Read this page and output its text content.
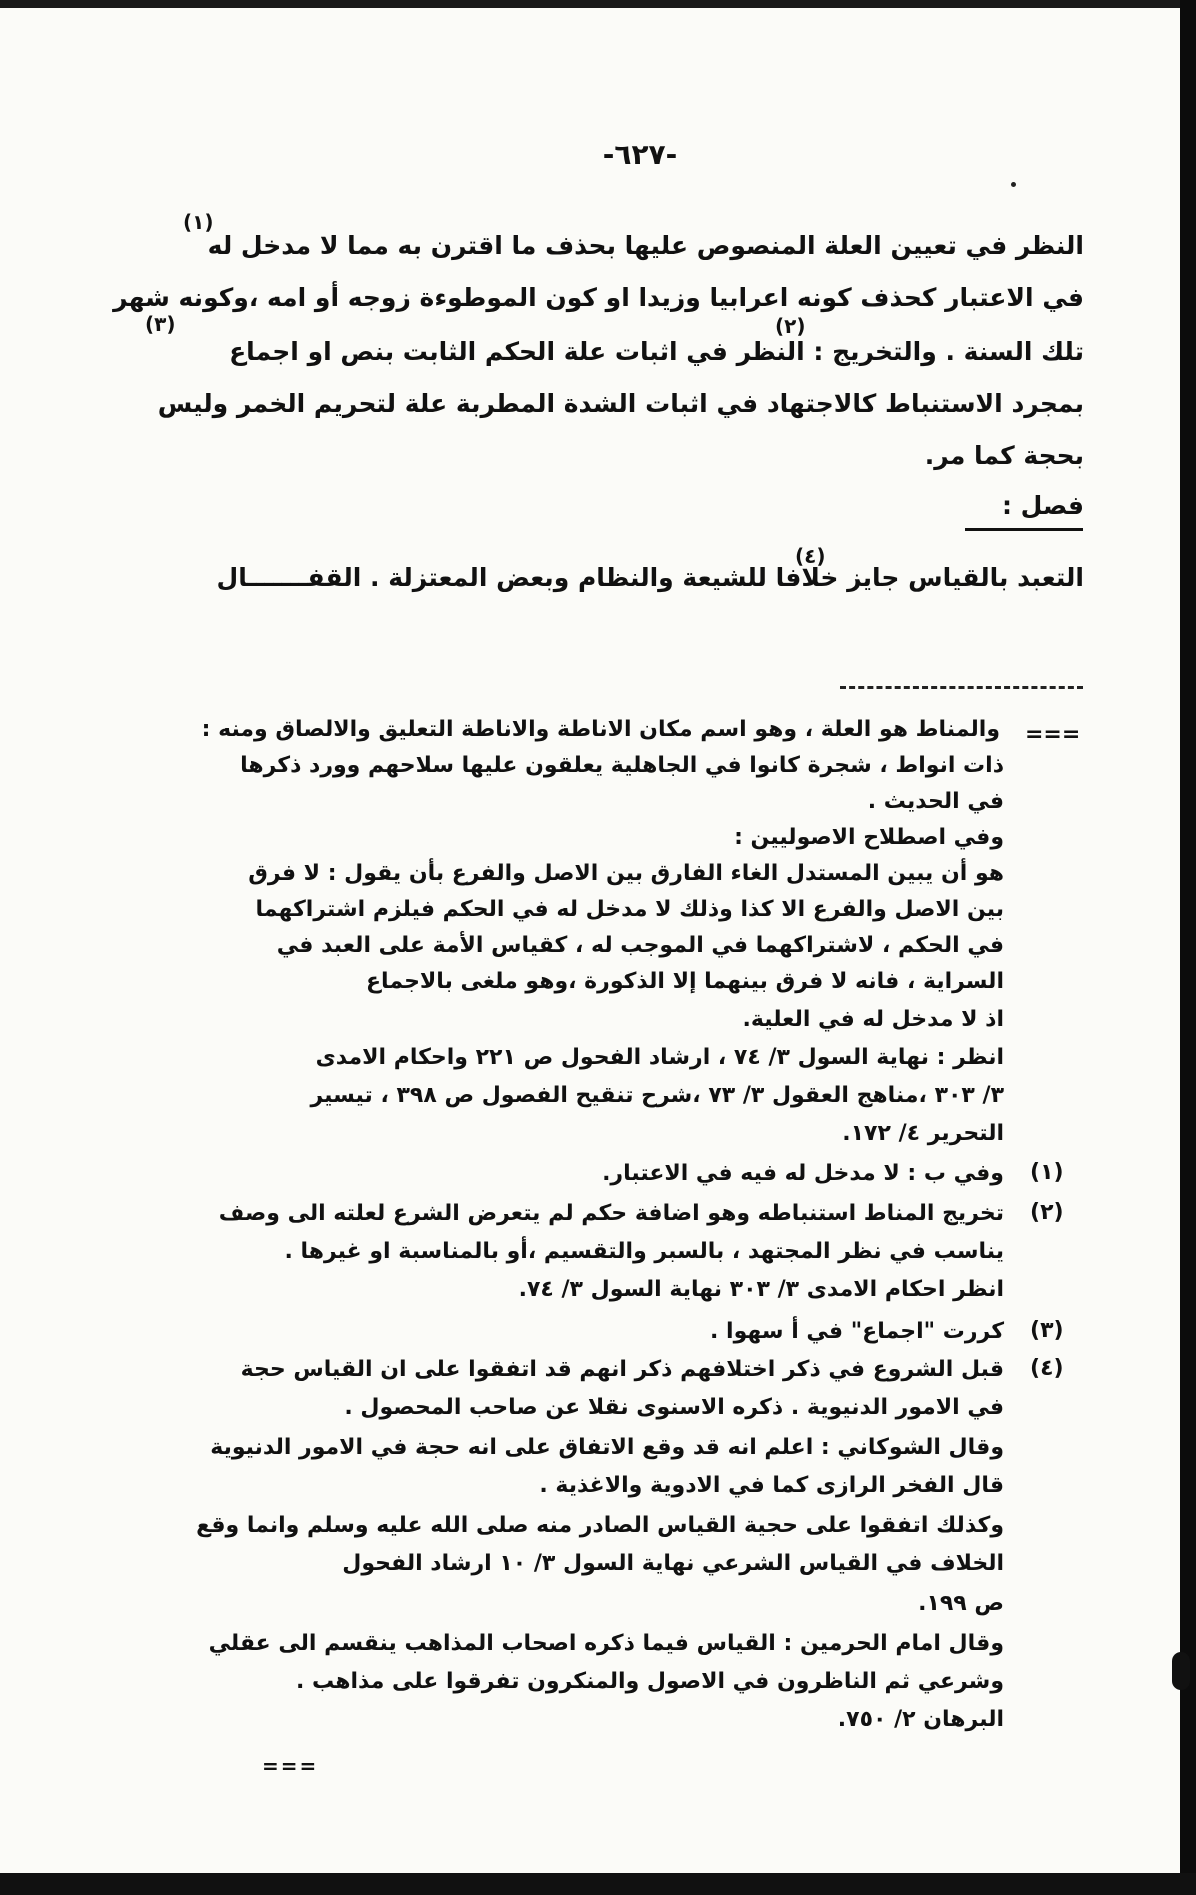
-٦٢٧-
النظر في تعيين العلة المنصوص عليها بحذف ما اقترن به مما لا مدخل له
(١)
في الاعتبار كحذف كونه اعرابيا وزيدا او كون الموطوءة زوجه أو امه ،وكونه شهر
تلك السنة . والتخريج : النظر في اثبات علة الحكم الثابت بنص او اجماع
(٢)
(٣)
بمجرد الاستنباط كالاجتهاد في اثبات الشدة المطربة علة لتحريم الخمر وليس
بحجة كما مر.
فصل :
التعبد بالقياس جايز خلافا للشيعة والنظام وبعض المعتزلة . القفـــــــال
(٤)
===
والمناط هو العلة ، وهو اسم مكان الاناطة والاناطة التعليق والالصاق ومنه :
ذات انواط ، شجرة كانوا في الجاهلية يعلقون عليها سلاحهم وورد ذكرها
في الحديث .
وفي اصطلاح الاصوليين :
هو أن يبين المستدل الغاء الفارق بين الاصل والفرع بأن يقول : لا فرق
بين الاصل والفرع الا كذا وذلك لا مدخل له في الحكم فيلزم اشتراكهما
في الحكم ، لاشتراكهما في الموجب له ، كقياس الأمة على العبد في
السراية ، فانه لا فرق بينهما إلا الذكورة ،وهو ملغى بالاجماع
اذ لا مدخل له في العلية.
انظر : نهاية السول ٣/ ٧٤ ، ارشاد الفحول ص ٢٢١ واحكام الامدى
٣/ ٣٠٣ ،مناهج العقول ٣/ ٧٣ ،شرح تنقيح الفصول ص ٣٩٨ ، تيسير
التحرير ٤/ ١٧٢.
(١)
وفي ب : لا مدخل له فيه في الاعتبار.
(٢)
تخريج المناط استنباطه وهو اضافة حكم لم يتعرض الشرع لعلته الى وصف
يناسب في نظر المجتهد ، بالسبر والتقسيم ،أو بالمناسبة او غيرها .
انظر احكام الامدى ٣/ ٣٠٣ نهاية السول ٣/ ٧٤.
(٣)
كررت "اجماع" في أ سهوا .
(٤)
قبل الشروع في ذكر اختلافهم ذكر انهم قد اتفقوا على ان القياس حجة
في الامور الدنيوية . ذكره الاسنوى نقلا عن صاحب المحصول .
وقال الشوكاني : اعلم انه قد وقع الاتفاق على انه حجة في الامور الدنيوية
قال الفخر الرازى كما في الادوية والاغذية .
وكذلك اتفقوا على حجية القياس الصادر منه صلى الله عليه وسلم وانما وقع
الخلاف في القياس الشرعي نهاية السول ٣/ ١٠ ارشاد الفحول
ص ١٩٩.
وقال امام الحرمين : القياس فيما ذكره اصحاب المذاهب ينقسم الى عقلي
وشرعي ثم الناظرون في الاصول والمنكرون تفرقوا على مذاهب .
البرهان ٢/ ٧٥٠.
===
